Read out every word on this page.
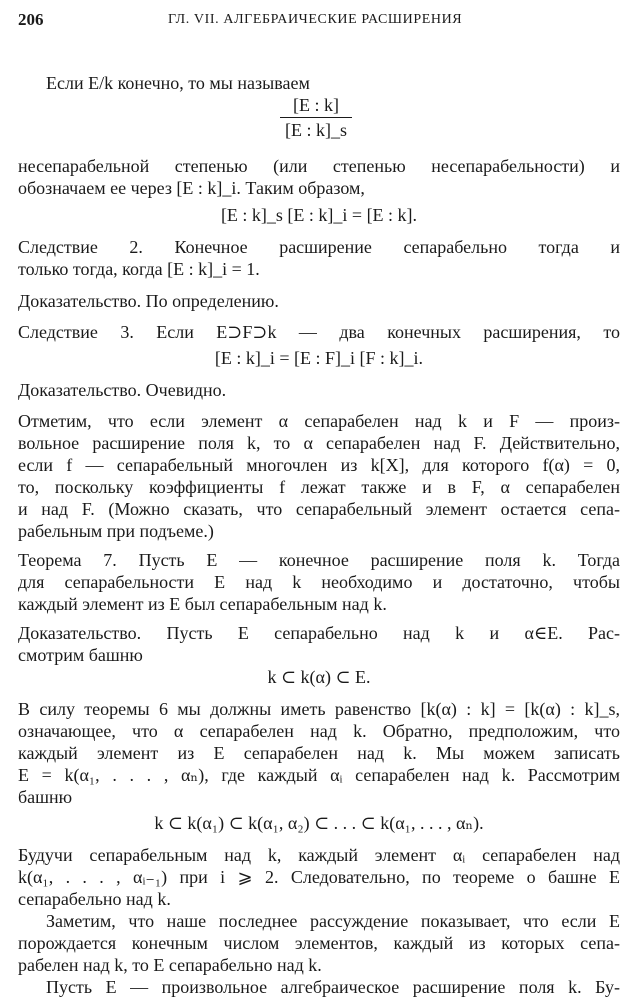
206	ГЛ. VII. АЛГЕБРАИЧЕСКИЕ РАСШИРЕНИЯ
[E : k]
[E : k]_s
Если E/k конечно, то мы называем
несепарабельной степенью (или степенью несепарабельности) и
обозначаем ее через [E : k]_i. Таким образом,
[E : k]_s [E : k]_i = [E : k].
Следствие 2. Конечное расширение сепарабельно тогда и
только тогда, когда [E : k]_i = 1.
Доказательство. По определению.
Следствие 3. Если E⊃F⊃k — два конечных расширения, то
[E : k]_i = [E : F]_i [F : k]_i.
Доказательство. Очевидно.
Отметим, что если элемент α сепарабелен над k и F — произ-
вольное расширение поля k, то α сепарабелен над F. Действительно,
если f — сепарабельный многочлен из k[X], для которого f(α) = 0,
то, поскольку коэффициенты f лежат также и в F, α сепарабелен
и над F. (Можно сказать, что сепарабельный элемент остается сепа-
рабельным при подъеме.)
Теорема 7. Пусть E — конечное расширение поля k. Тогда
для сепарабельности E над k необходимо и достаточно, чтобы
каждый элемент из E был сепарабельным над k.
Доказательство. Пусть E сепарабельно над k и α∈E. Рас-
смотрим башню
k ⊂ k(α) ⊂ E.
В силу теоремы 6 мы должны иметь равенство [k(α) : k] = [k(α) : k]_s,
означающее, что α сепарабелен над k. Обратно, предположим, что
каждый элемент из E сепарабелен над k. Мы можем записать
E = k(α₁, . . . , αₙ), где каждый αᵢ сепарабелен над k. Рассмотрим
башню
k ⊂ k(α₁) ⊂ k(α₁, α₂) ⊂ . . . ⊂ k(α₁, . . . , αₙ).
Будучи сепарабельным над k, каждый элемент αᵢ сепарабелен над
k(α₁, . . . , αᵢ₋₁) при i ⩾ 2. Следовательно, по теореме о башне E
сепарабельно над k.
Заметим, что наше последнее рассуждение показывает, что если E
порождается конечным числом элементов, каждый из которых сепа-
рабелен над k, то E сепарабельно над k.
Пусть E — произвольное алгебраическое расширение поля k. Бу-
